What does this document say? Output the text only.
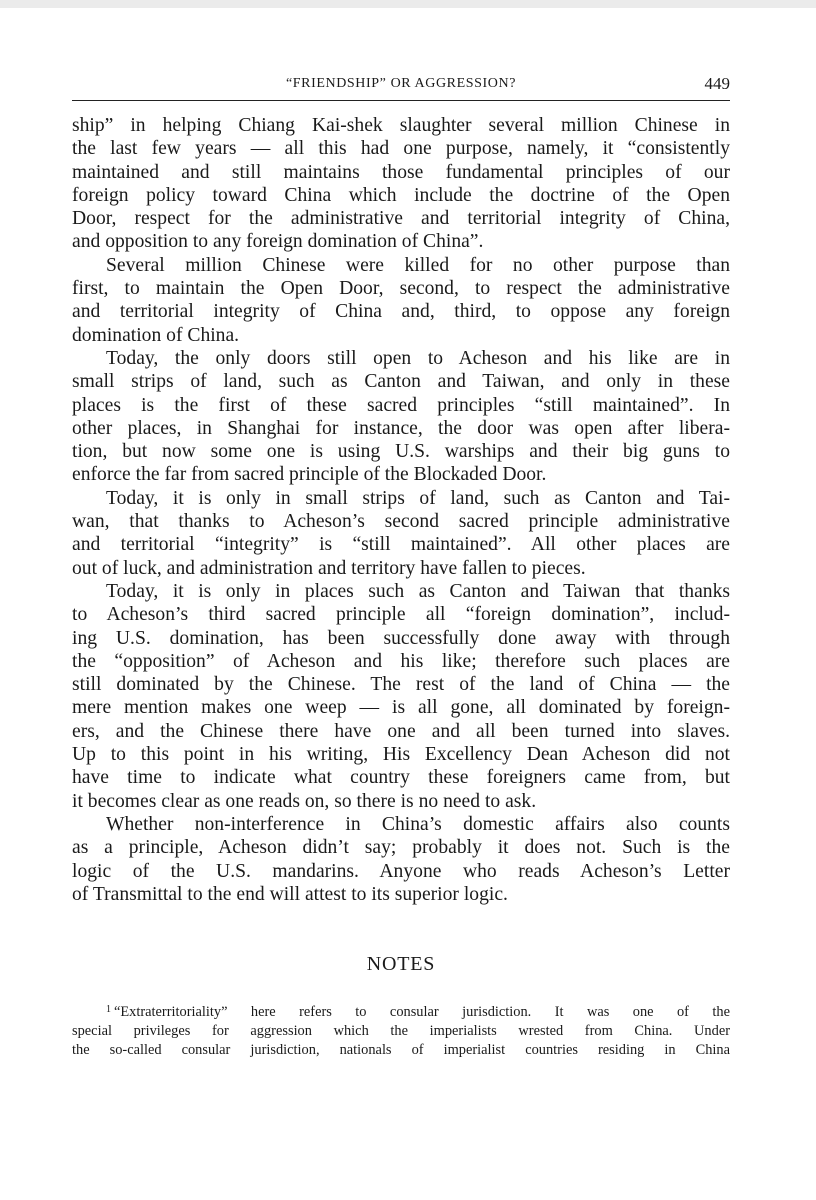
“FRIENDSHIP” OR AGGRESSION?	449

ship” in helping Chiang Kai-shek slaughter several million Chinese in
the last few years — all this had one purpose, namely, it “consistently
maintained and still maintains those fundamental principles of our
foreign policy toward China which include the doctrine of the Open
Door, respect for the administrative and territorial integrity of China,
and opposition to any foreign domination of China”.

Several million Chinese were killed for no other purpose than
first, to maintain the Open Door, second, to respect the administrative
and territorial integrity of China and, third, to oppose any foreign
domination of China.

Today, the only doors still open to Acheson and his like are in
small strips of land, such as Canton and Taiwan, and only in these
places is the first of these sacred principles “still maintained”. In
other places, in Shanghai for instance, the door was open after libera-
tion, but now some one is using U.S. warships and their big guns to
enforce the far from sacred principle of the Blockaded Door.

Today, it is only in small strips of land, such as Canton and Tai-
wan, that thanks to Acheson’s second sacred principle administrative
and territorial “integrity” is “still maintained”. All other places are
out of luck, and administration and territory have fallen to pieces.

Today, it is only in places such as Canton and Taiwan that thanks
to Acheson’s third sacred principle all “foreign domination”, includ-
ing U.S. domination, has been successfully done away with through
the “opposition” of Acheson and his like; therefore such places are
still dominated by the Chinese. The rest of the land of China — the
mere mention makes one weep — is all gone, all dominated by foreign-
ers, and the Chinese there have one and all been turned into slaves.
Up to this point in his writing, His Excellency Dean Acheson did not
have time to indicate what country these foreigners came from, but
it becomes clear as one reads on, so there is no need to ask.

Whether non-interference in China’s domestic affairs also counts
as a principle, Acheson didn’t say; probably it does not. Such is the
logic of the U.S. mandarins. Anyone who reads Acheson’s Letter
of Transmittal to the end will attest to its superior logic.

NOTES
$^1$ “Extraterritoriality” here refers to consular jurisdiction. It was one of the
special privileges for aggression which the imperialists wrested from China. Under
the so-called consular jurisdiction, nationals of imperialist countries residing in China
